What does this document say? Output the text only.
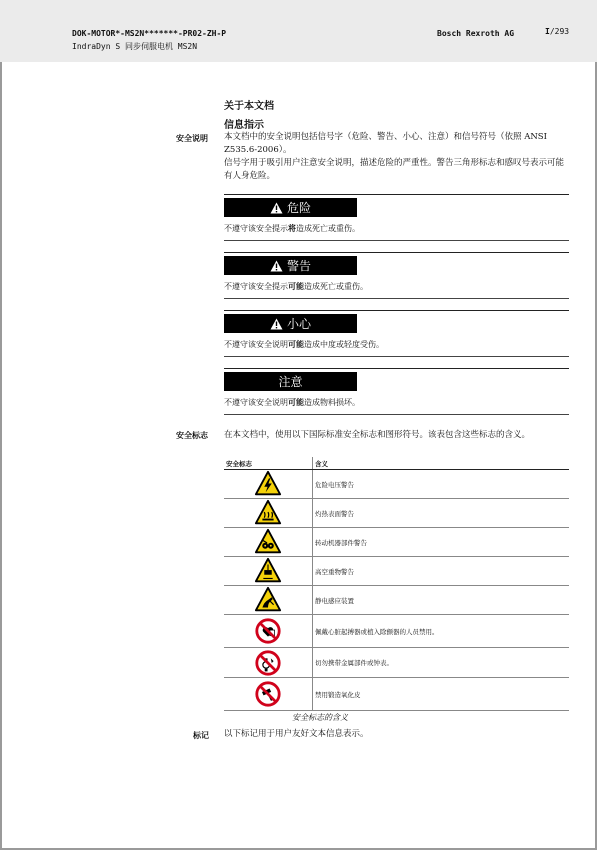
DOK-MOTOR*-MS2N*******-PR02-ZH-P
IndraDyn S 同步伺服电机 MS2N
Bosch Rexroth AG	I/293
关于本文档
信息指示
安全说明 本文档中的安全说明包括信号字（危险、警告、小心、注意）和信号符号（依照 ANSI Z535.6-2006）。
信号字用于吸引用户注意安全说明，描述危险的严重性。警告三角形标志和感叹号表示可能有人身危险。
危险
不遵守该安全提示将造成死亡或重伤。
警告
不遵守该安全提示可能造成死亡或重伤。
小心
不遵守该安全说明可能造成中度或轻度受伤。
注意
不遵守该安全说明可能造成物料损坏。
安全标志 在本文档中，使用以下国际标准安全标志和图形符号。该表包含这些标志的含义。
安全标志	含义

	危险电压警告

	灼热表面警告

	转动机器部件警告

	高空重物警告

	静电感应装置

	佩戴心脏起搏器或植入除颤器的人员禁用。

	切勿携带金属部件或钟表。

	禁用锻造氧化皮
安全标志的含义
标记 以下标记用于用户友好文本信息表示。
